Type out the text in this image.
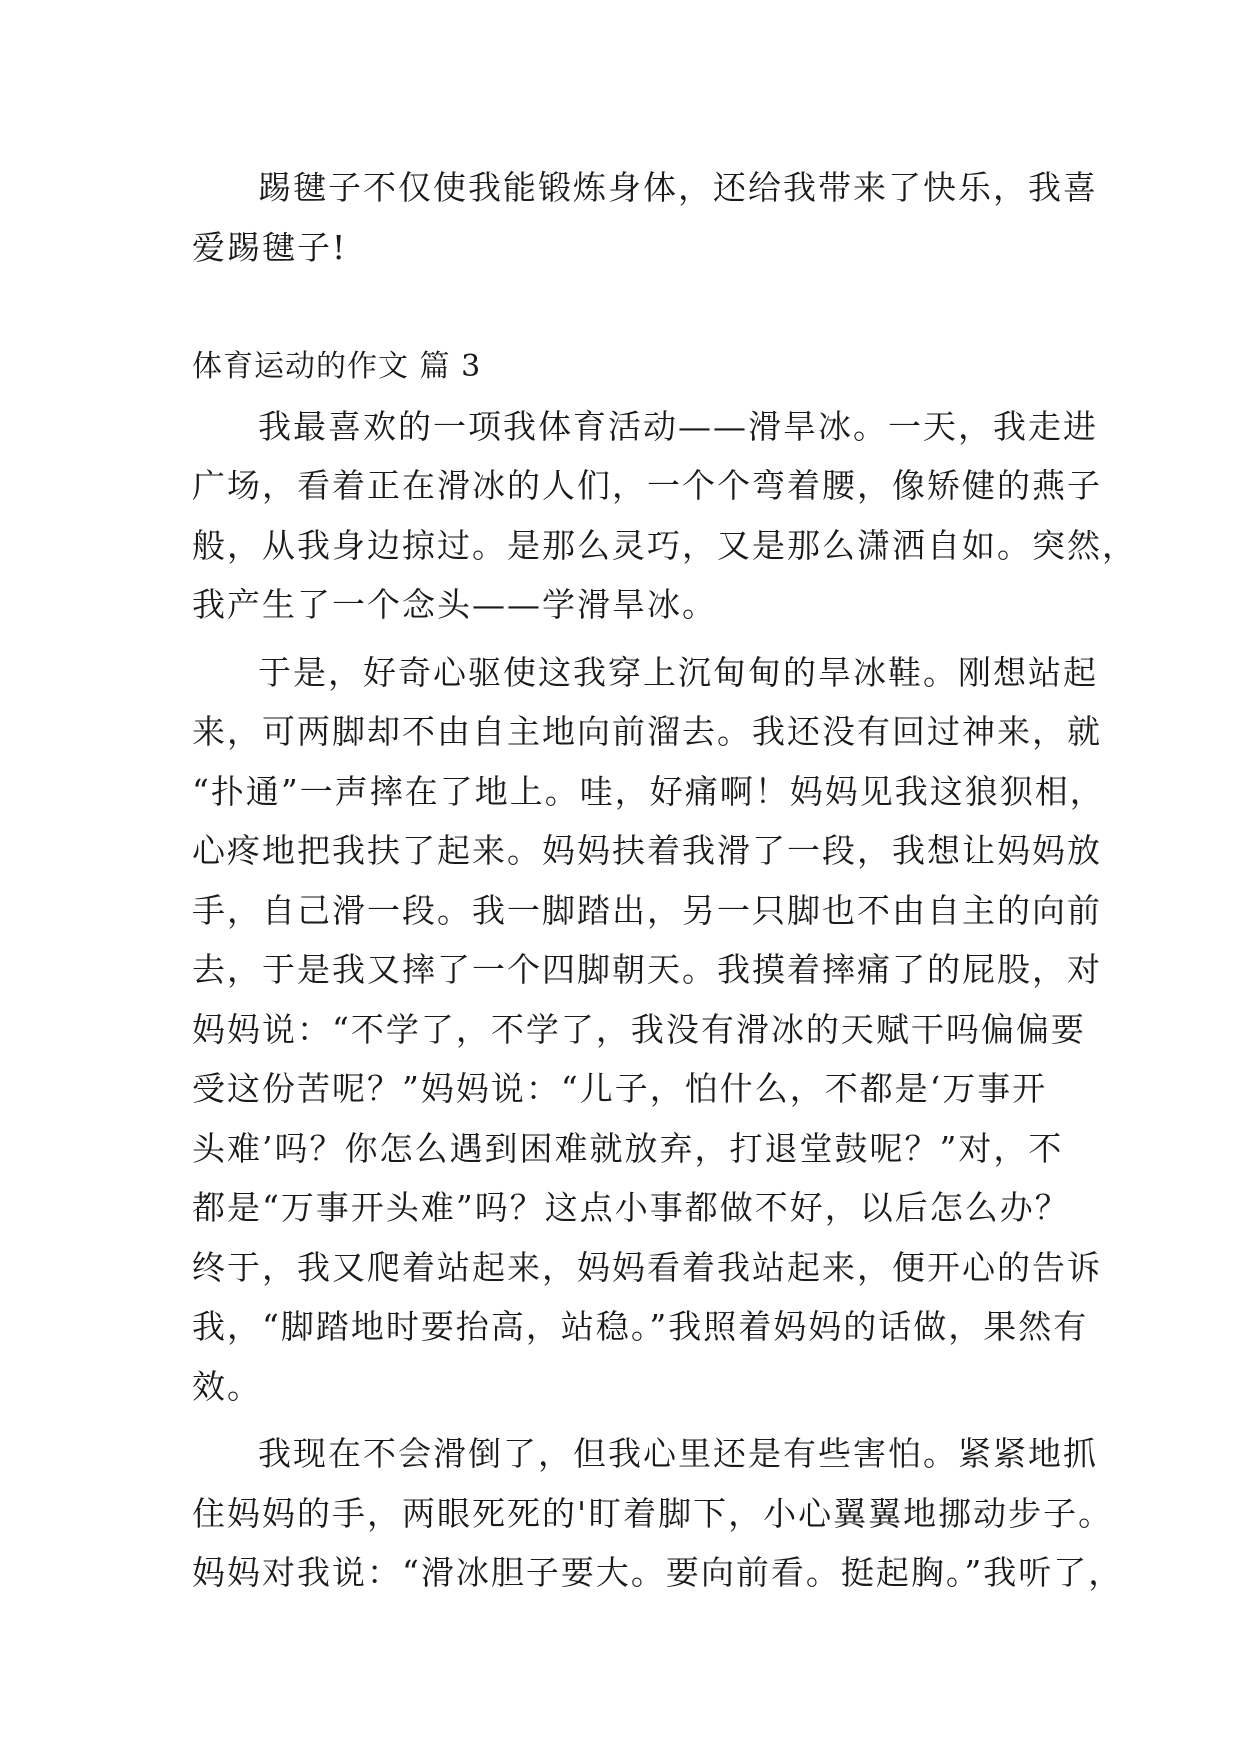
踢毽子不仅使我能锻炼身体，还给我带来了快乐，我喜
爱踢毽子!
体育运动的作文 篇 3
我最喜欢的一项我体育活动——滑旱冰。一天，我走进
广场，看着正在滑冰的人们，一个个弯着腰，像矫健的燕子
般，从我身边掠过。是那么灵巧，又是那么潇洒自如。突然，
我产生了一个念头——学滑旱冰。
于是，好奇心驱使这我穿上沉甸甸的旱冰鞋。刚想站起
来，可两脚却不由自主地向前溜去。我还没有回过神来，就
“扑通”一声摔在了地上。哇，好痛啊！妈妈见我这狼狈相，
心疼地把我扶了起来。妈妈扶着我滑了一段，我想让妈妈放
手，自己滑一段。我一脚踏出，另一只脚也不由自主的向前
去，于是我又摔了一个四脚朝天。我摸着摔痛了的屁股，对
妈妈说：“不学了，不学了，我没有滑冰的天赋干吗偏偏要
受这份苦呢？”妈妈说：“儿子，怕什么，不都是‘万事开
头难’吗？你怎么遇到困难就放弃，打退堂鼓呢？”对，不
都是“万事开头难”吗？这点小事都做不好，以后怎么办？
终于，我又爬着站起来，妈妈看着我站起来，便开心的告诉
我，“脚踏地时要抬高，站稳。”我照着妈妈的话做，果然有
效。
我现在不会滑倒了，但我心里还是有些害怕。紧紧地抓
住妈妈的手，两眼死死的'盯着脚下，小心翼翼地挪动步子。
妈妈对我说：“滑冰胆子要大。要向前看。挺起胸。”我听了，
